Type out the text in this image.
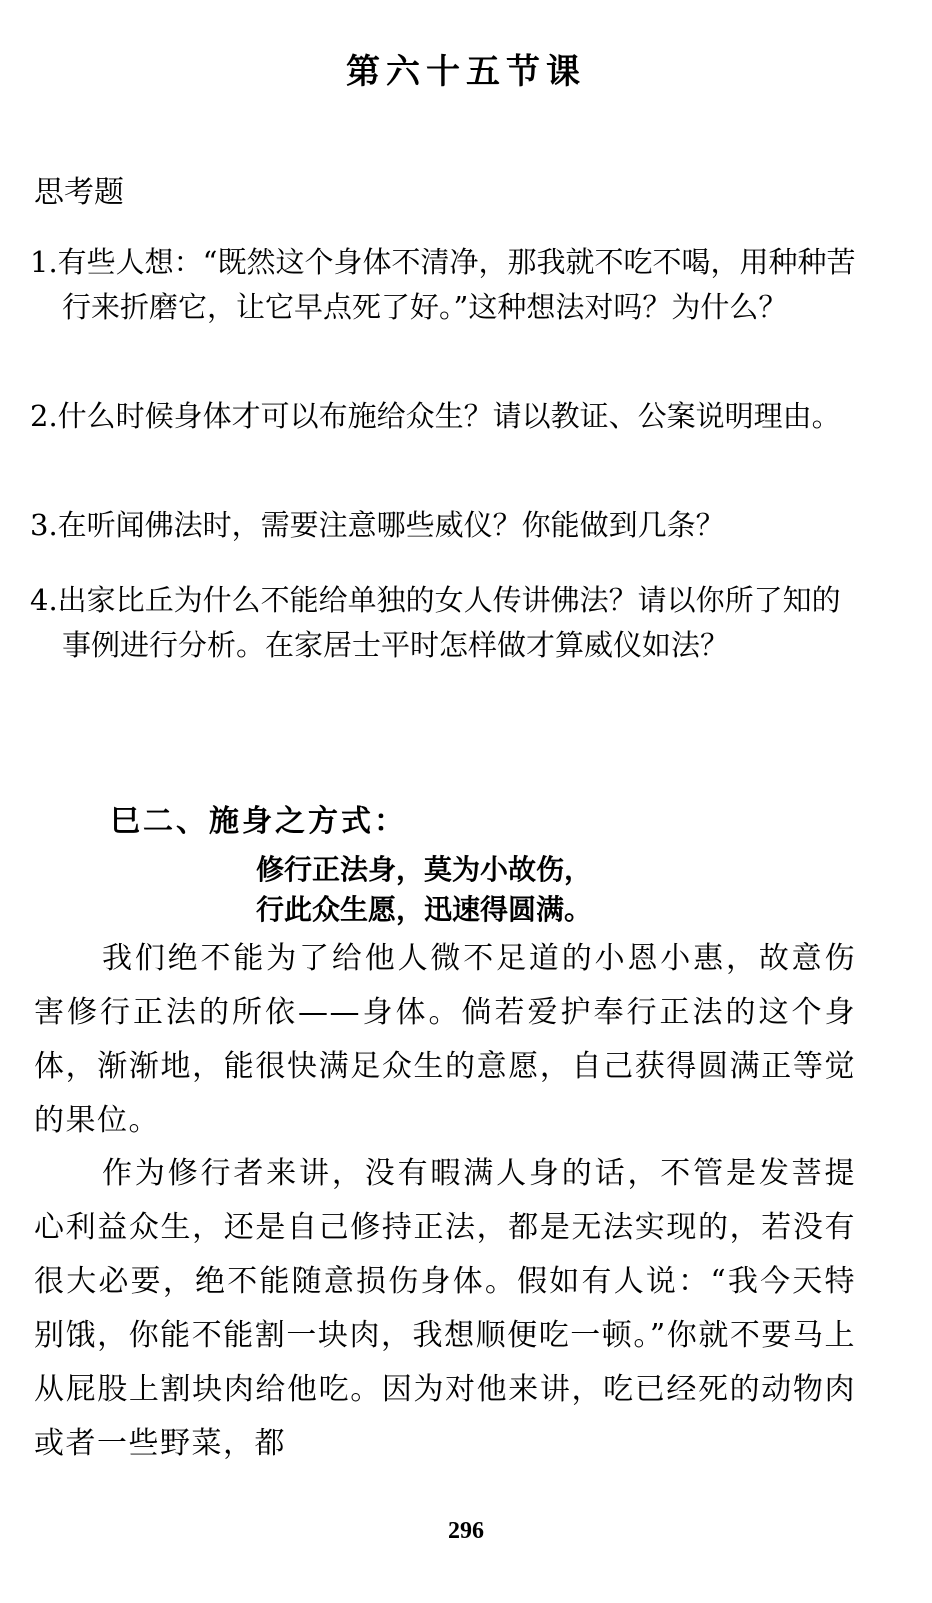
第六十五节课
思考题
1.有些人想：“既然这个身体不清净，那我就不吃不喝，用种种苦行来折磨它，让它早点死了好。”这种想法对吗？为什么？
2.什么时候身体才可以布施给众生？请以教证、公案说明理由。
3.在听闻佛法时，需要注意哪些威仪？你能做到几条？
4.出家比丘为什么不能给单独的女人传讲佛法？请以你所了知的事例进行分析。在家居士平时怎样做才算威仪如法？
巳二、施身之方式：
修行正法身，莫为小故伤，
行此众生愿，迅速得圆满。
我们绝不能为了给他人微不足道的小恩小惠，故意伤害修行正法的所依——身体。倘若爱护奉行正法的这个身体，渐渐地，能很快满足众生的意愿，自己获得圆满正等觉的果位。
作为修行者来讲，没有暇满人身的话，不管是发菩提心利益众生，还是自己修持正法，都是无法实现的，若没有很大必要，绝不能随意损伤身体。假如有人说：“我今天特别饿，你能不能割一块肉，我想顺便吃一顿。”你就不要马上从屁股上割块肉给他吃。因为对他来讲，吃已经死的动物肉或者一些野菜，都
296
